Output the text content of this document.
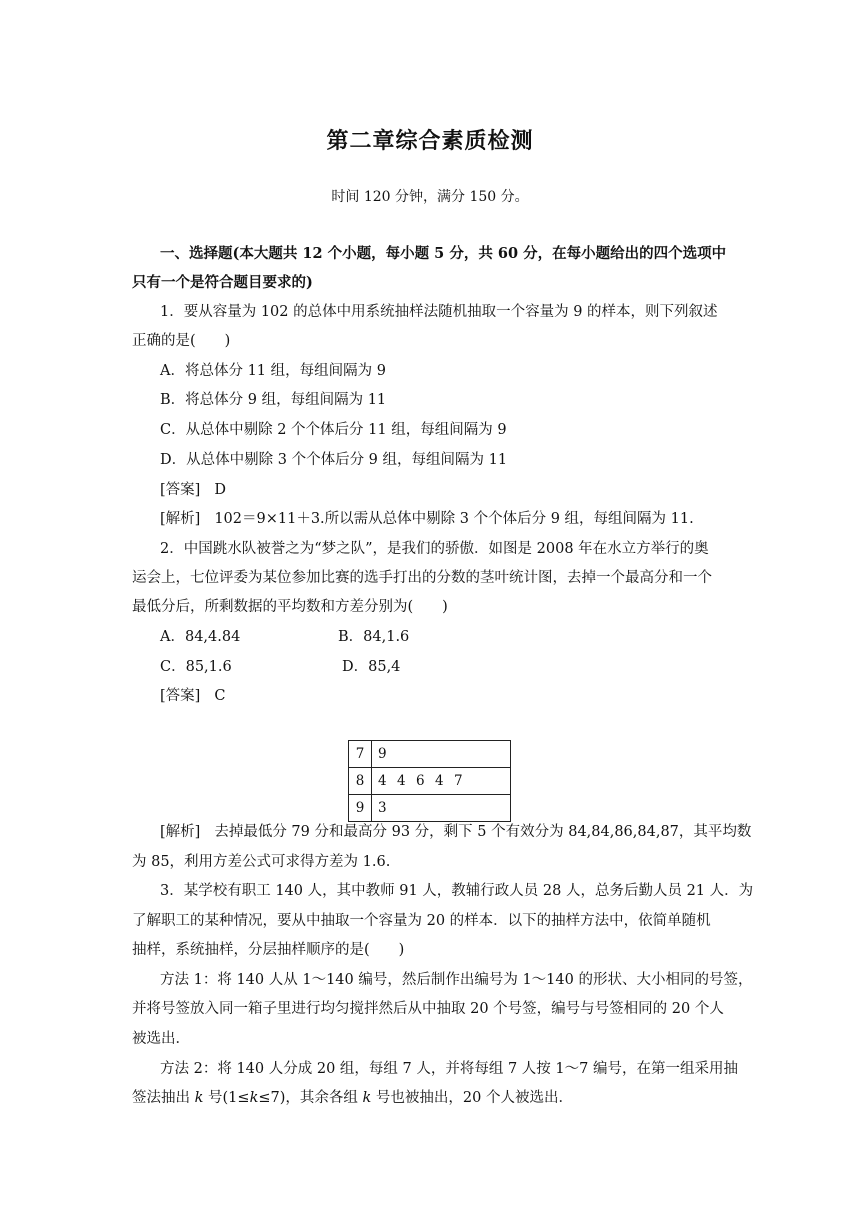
第二章综合素质检测
时间 120 分钟，满分 150 分。
一、选择题(本大题共 12 个小题，每小题 5 分，共 60 分，在每小题给出的四个选项中
只有一个是符合题目要求的)
1．要从容量为 102 的总体中用系统抽样法随机抽取一个容量为 9 的样本，则下列叙述
正确的是(　　)
A．将总体分 11 组，每组间隔为 9
B．将总体分 9 组，每组间隔为 11
C．从总体中剔除 2 个个体后分 11 组，每组间隔为 9
D．从总体中剔除 3 个个体后分 9 组，每组间隔为 11
[答案] D
[解析] 102＝9×11＋3.所以需从总体中剔除 3 个个体后分 9 组，每组间隔为 11.
2．中国跳水队被誉之为“梦之队”，是我们的骄傲．如图是 2008 年在水立方举行的奥
运会上，七位评委为某位参加比赛的选手打出的分数的茎叶统计图，去掉一个最高分和一个
最低分后，所剩数据的平均数和方差分别为(　　)
A．84,4.84	B．84,1.6
C．85,1.6	D．85,4
[答案] C
7	9
8	4 4 6 4 7
9	3
[解析] 去掉最低分 79 分和最高分 93 分，剩下 5 个有效分为 84,84,86,84,87，其平均数
为 85，利用方差公式可求得方差为 1.6.
3．某学校有职工 140 人，其中教师 91 人，教辅行政人员 28 人，总务后勤人员 21 人．为
了解职工的某种情况，要从中抽取一个容量为 20 的样本．以下的抽样方法中，依简单随机
抽样，系统抽样，分层抽样顺序的是(　　)
方法 1：将 140 人从 1～140 编号，然后制作出编号为 1～140 的形状、大小相同的号签，
并将号签放入同一箱子里进行均匀搅拌然后从中抽取 20 个号签，编号与号签相同的 20 个人
被选出．
方法 2：将 140 人分成 20 组，每组 7 人，并将每组 7 人按 1～7 编号，在第一组采用抽
签法抽出 k 号(1≤k≤7)，其余各组 k 号也被抽出，20 个人被选出．
